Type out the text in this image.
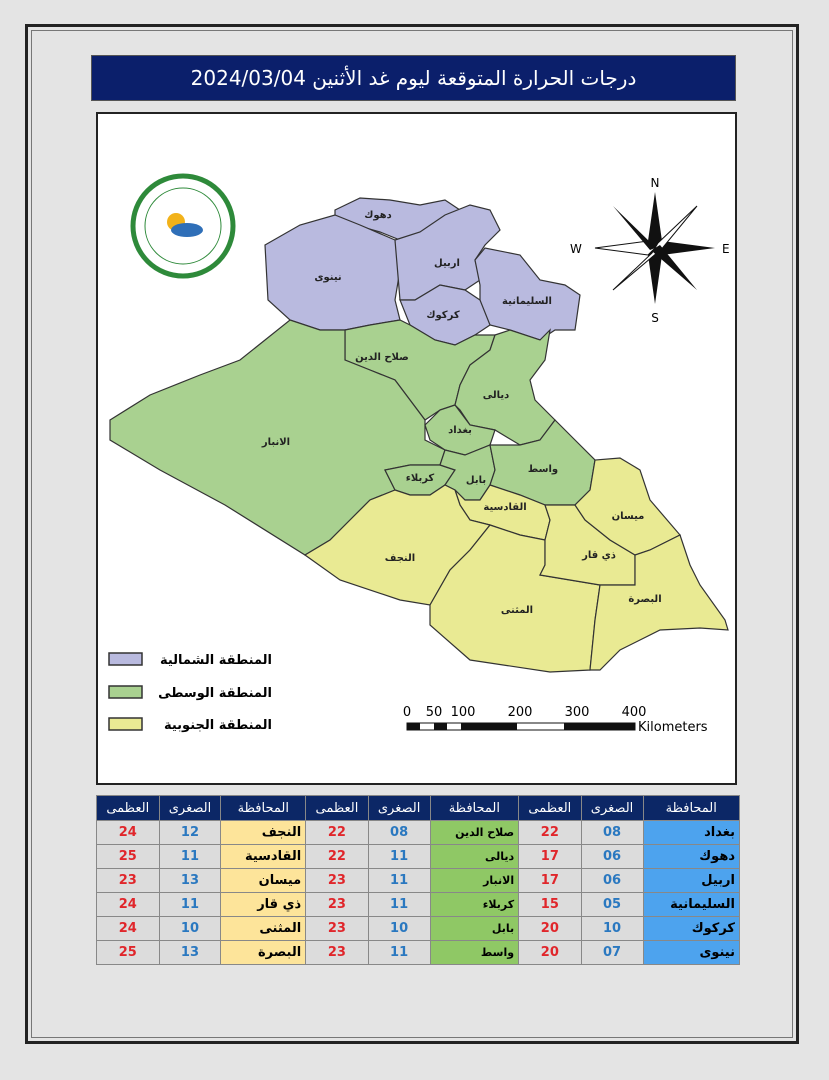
درجات الحرارة المتوقعة ليوم غد الأثنين 2024/03/04
دهوك
نينوى
اربيل
السليمانية
كركوك
صلاح الدين
ديالى
بغداد
الانبار
كربلاء	بابل
واسط
القادسية
النجف
المثنى
ذي قار
ميسان
البصرة
N
S
E
W
المنطقة الشمالية
المنطقة الوسطى
المنطقة الجنوبية
0 50 100 200 300 400
Kilometers
المحافظة	الصغرى	العظمى	المحافظة	الصغرى	العظمى	المحافظة	الصغرى	العظمى
بغداد	08	22	صلاح الدين	08	22	النجف	12	24
دهوك	06	17	ديالى	11	22	القادسية	11	25
اربيل	06	17	الانبار	11	23	ميسان	13	23
السليمانية	05	15	كربلاء	11	23	ذي قار	11	24
كركوك	10	20	بابل	10	23	المثنى	10	24
نينوى	07	20	واسط	11	23	البصرة	13	25
